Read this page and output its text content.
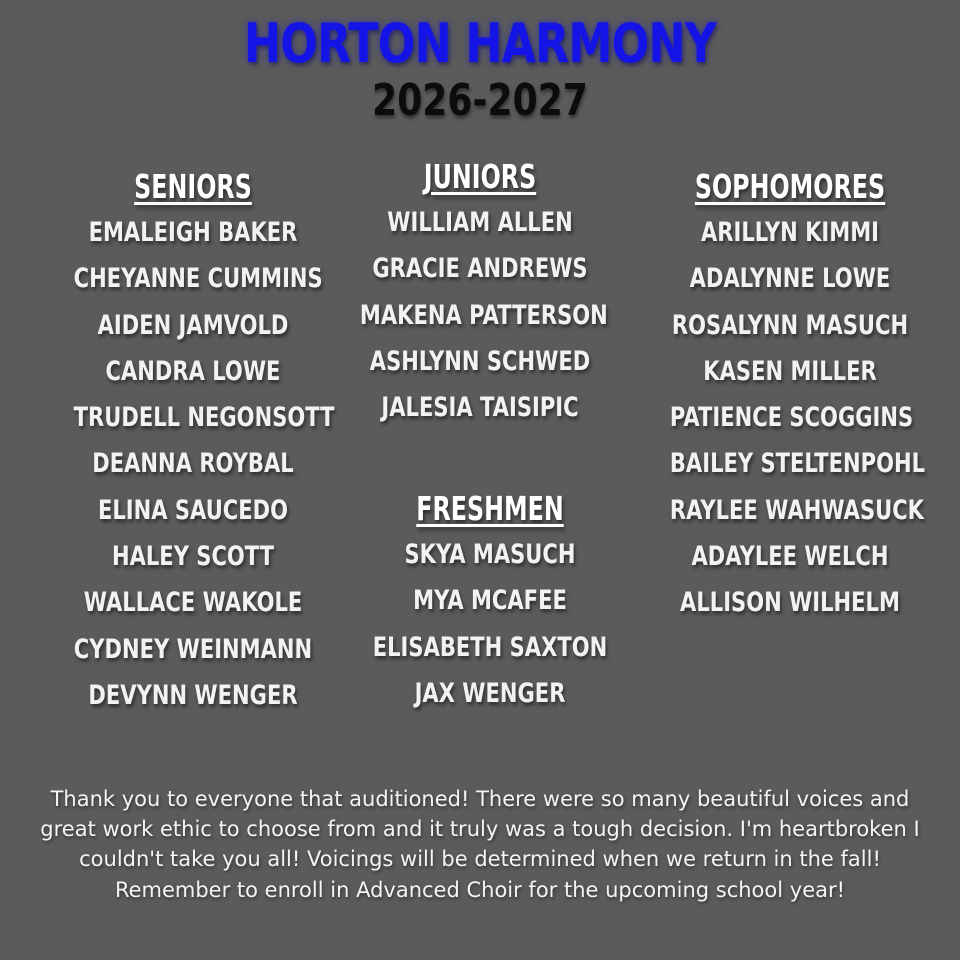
HORTON HARMONY
2026-2027
SENIORS
EMALEIGH BAKER
CHEYANNE CUMMINS
AIDEN JAMVOLD
CANDRA LOWE
TRUDELL NEGONSOTT
DEANNA ROYBAL
ELINA SAUCEDO
HALEY SCOTT
WALLACE WAKOLE
CYDNEY WEINMANN
DEVYNN WENGER
JUNIORS
WILLIAM ALLEN
GRACIE ANDREWS
MAKENA PATTERSON
ASHLYNN SCHWED
JALESIA TAISIPIC
SOPHOMORES
ARILLYN KIMMI
ADALYNNE LOWE
ROSALYNN MASUCH
KASEN MILLER
PATIENCE SCOGGINS
BAILEY STELTENPOHL
RAYLEE WAHWASUCK
ADAYLEE WELCH
ALLISON WILHELM
FRESHMEN
SKYA MASUCH
MYA MCAFEE
ELISABETH SAXTON
JAX WENGER

Thank you to everyone that auditioned! There were so many beautiful voices and great work ethic to choose from and it truly was a tough decision. I'm heartbroken I couldn't take you all! Voicings will be determined when we return in the fall! Remember to enroll in Advanced Choir for the upcoming school year!
